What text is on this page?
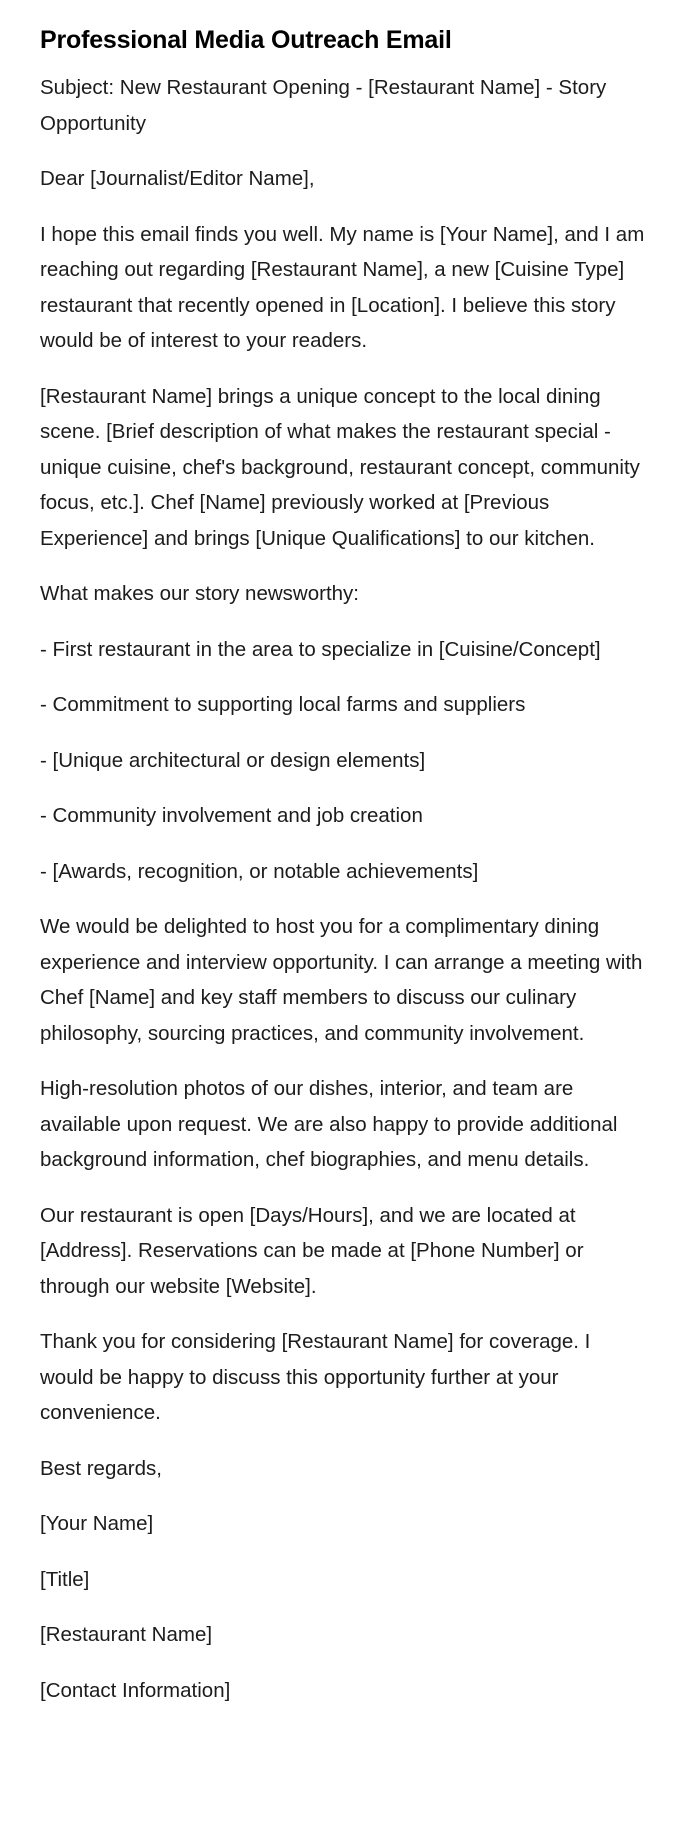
Professional Media Outreach Email

Subject: New Restaurant Opening - [Restaurant Name] - Story Opportunity

Dear [Journalist/Editor Name],

I hope this email finds you well. My name is [Your Name], and I am reaching out regarding [Restaurant Name], a new [Cuisine Type] restaurant that recently opened in [Location]. I believe this story would be of interest to your readers.

[Restaurant Name] brings a unique concept to the local dining scene. [Brief description of what makes the restaurant special - unique cuisine, chef's background, restaurant concept, community focus, etc.]. Chef [Name] previously worked at [Previous Experience] and brings [Unique Qualifications] to our kitchen.

What makes our story newsworthy:

- First restaurant in the area to specialize in [Cuisine/Concept]

- Commitment to supporting local farms and suppliers

- [Unique architectural or design elements]

- Community involvement and job creation

- [Awards, recognition, or notable achievements]

We would be delighted to host you for a complimentary dining experience and interview opportunity. I can arrange a meeting with Chef [Name] and key staff members to discuss our culinary philosophy, sourcing practices, and community involvement.

High-resolution photos of our dishes, interior, and team are available upon request. We are also happy to provide additional background information, chef biographies, and menu details.

Our restaurant is open [Days/Hours], and we are located at [Address]. Reservations can be made at [Phone Number] or through our website [Website].

Thank you for considering [Restaurant Name] for coverage. I would be happy to discuss this opportunity further at your convenience.

Best regards,

[Your Name]

[Title]

[Restaurant Name]

[Contact Information]
